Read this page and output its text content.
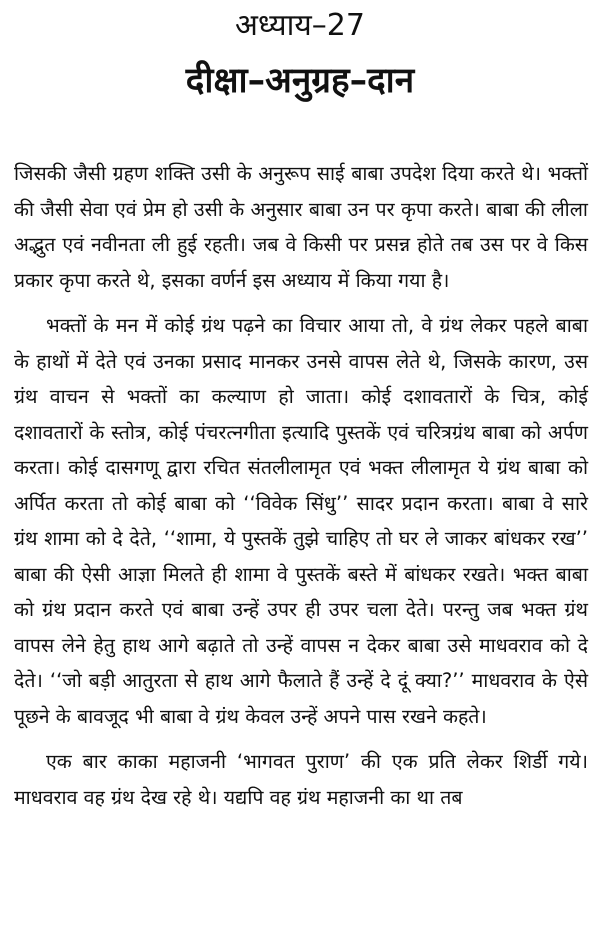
अध्याय–27
दीक्षा–अनुग्रह–दान

जिसकी जैसी ग्रहण शक्ति उसी के अनुरूप साई बाबा उपदेश दिया करते थे। भक्तों की जैसी सेवा एवं प्रेम हो उसी के अनुसार बाबा उन पर कृपा करते। बाबा की लीला अद्भुत एवं नवीनता ली हुई रहती। जब वे किसी पर प्रसन्न होते तब उस पर वे किस प्रकार कृपा करते थे, इसका वर्णर्न इस अध्याय में किया गया है।

भक्तों के मन में कोई ग्रंथ पढ़ने का विचार आया तो, वे ग्रंथ लेकर पहले बाबा के हाथों में देते एवं उनका प्रसाद मानकर उनसे वापस लेते थे, जिसके कारण, उस ग्रंथ वाचन से भक्तों का कल्याण हो जाता। कोई दशावतारों के चित्र, कोई दशावतारों के स्तोत्र, कोई पंचरत्नगीता इत्यादि पुस्तकें एवं चरित्रग्रंथ बाबा को अर्पण करता। कोई दासगणू द्वारा रचित संतलीलामृत एवं भक्त लीलामृत ये ग्रंथ बाबा को अर्पित करता तो कोई बाबा को ‘‘विवेक सिंधु’’ सादर प्रदान करता। बाबा वे सारे ग्रंथ शामा को दे देते, ‘‘शामा, ये पुस्तकें तुझे चाहिए तो घर ले जाकर बांधकर रख’’ बाबा की ऐसी आज्ञा मिलते ही शामा वे पुस्तकें बस्ते में बांधकर रखते। भक्त बाबा को ग्रंथ प्रदान करते एवं बाबा उन्हें उपर ही उपर चला देते। परन्तु जब भक्त ग्रंथ वापस लेने हेतु हाथ आगे बढ़ाते तो उन्हें वापस न देकर बाबा उसे माधवराव को दे देते। ‘‘जो बड़ी आतुरता से हाथ आगे फैलाते हैं उन्हें दे दूं क्या?’’ माधवराव के ऐसे पूछने के बावजूद भी बाबा वे ग्रंथ केवल उन्हें अपने पास रखने कहते।

एक बार काका महाजनी ‘भागवत पुराण’ की एक प्रति लेकर शिर्डी गये। माधवराव वह ग्रंथ देख रहे थे। यद्यपि वह ग्रंथ महाजनी का था तब
